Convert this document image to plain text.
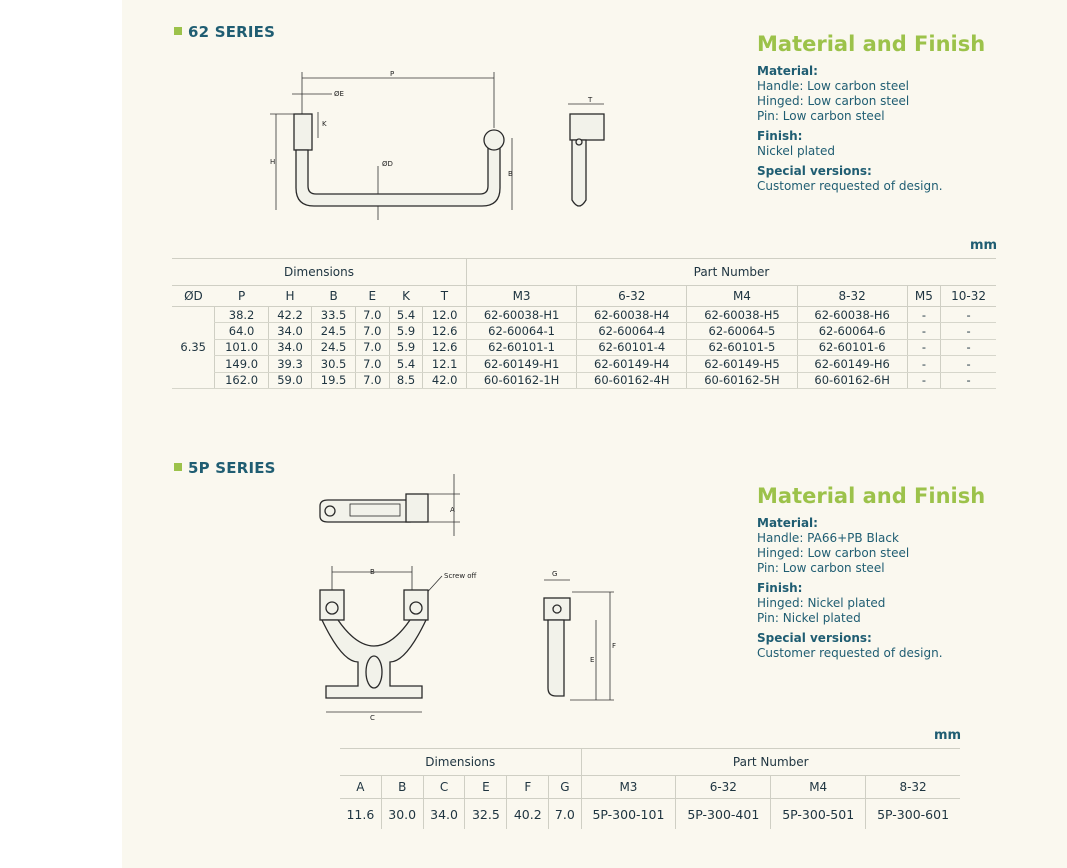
62 SERIES
P
ØE
K
H	ØD
B
T
Material and Finish
Material:
Handle: Low carbon steel
Hinged: Low carbon steel
Pin: Low carbon steel
Finish:
Nickel plated
Special versions:
Customer requested of design.
mm
Dimensions							Part Number					
ØD	P	H	B	E	K	T	M3	6-32	M4	8-32	M5	10-32
6.35	38.2	42.2	33.5	7.0	5.4	12.0	62-60038-H1	62-60038-H4	62-60038-H5	62-60038-H6	-	-
	64.0	34.0	24.5	7.0	5.9	12.6	62-60064-1	62-60064-4	62-60064-5	62-60064-6	-	-
	101.0	34.0	24.5	7.0	5.9	12.6	62-60101-1	62-60101-4	62-60101-5	62-60101-6	-	-
	149.0	39.3	30.5	7.0	5.4	12.1	62-60149-H1	62-60149-H4	62-60149-H5	62-60149-H6	-	-
	162.0	59.0	19.5	7.0	8.5	42.0	60-60162-1H	60-60162-4H	60-60162-5H	60-60162-6H	-	-
5P SERIES
A
B	Screw off
C
G
F
E
Material and Finish
Material:
Handle: PA66+PB Black
Hinged: Low carbon steel
Pin: Low carbon steel
Finish:
Hinged: Nickel plated
Pin: Nickel plated
Special versions:
Customer requested of design.
mm
Dimensions						Part Number			
A	B	C	E	F	G	M3	6-32	M4	8-32
11.6	30.0	34.0	32.5	40.2	7.0	5P-300-101	5P-300-401	5P-300-501	5P-300-601
